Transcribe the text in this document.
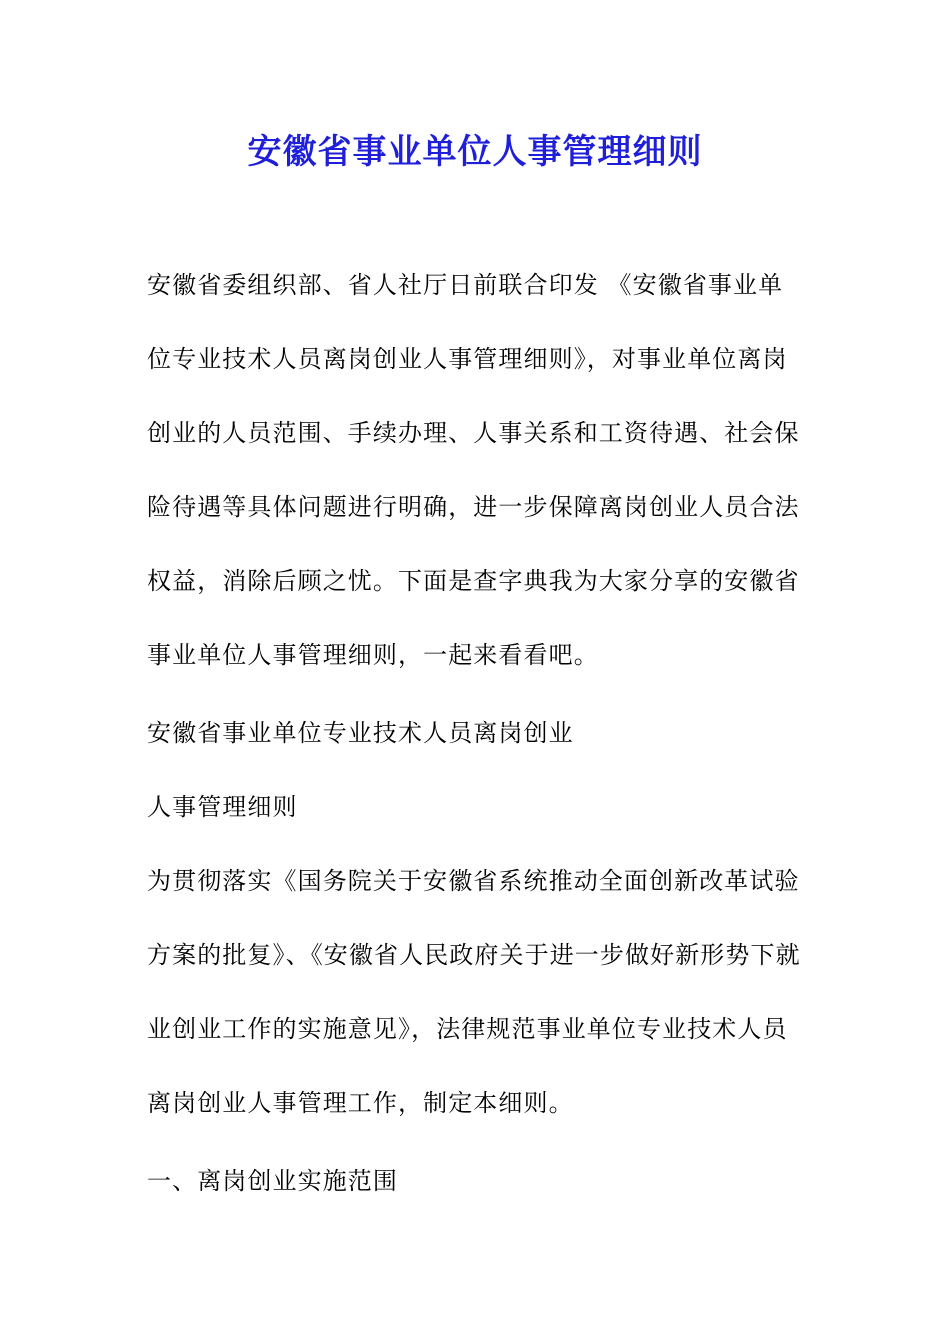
安徽省事业单位人事管理细则

安徽省委组织部、省人社厅日前联合印发 《安徽省事业单位专业技术人员离岗创业人事管理细则》，对事业单位离岗创业的人员范围、手续办理、人事关系和工资待遇、社会保险待遇等具体问题进行明确，进一步保障离岗创业人员合法权益，消除后顾之忧。下面是查字典我为大家分享的安徽省事业单位人事管理细则，一起来看看吧。

安徽省事业单位专业技术人员离岗创业

人事管理细则

为贯彻落实《国务院关于安徽省系统推动全面创新改革试验方案的批复》、《安徽省人民政府关于进一步做好新形势下就业创业工作的实施意见》，法律规范事业单位专业技术人员离岗创业人事管理工作，制定本细则。

一、离岗创业实施范围
